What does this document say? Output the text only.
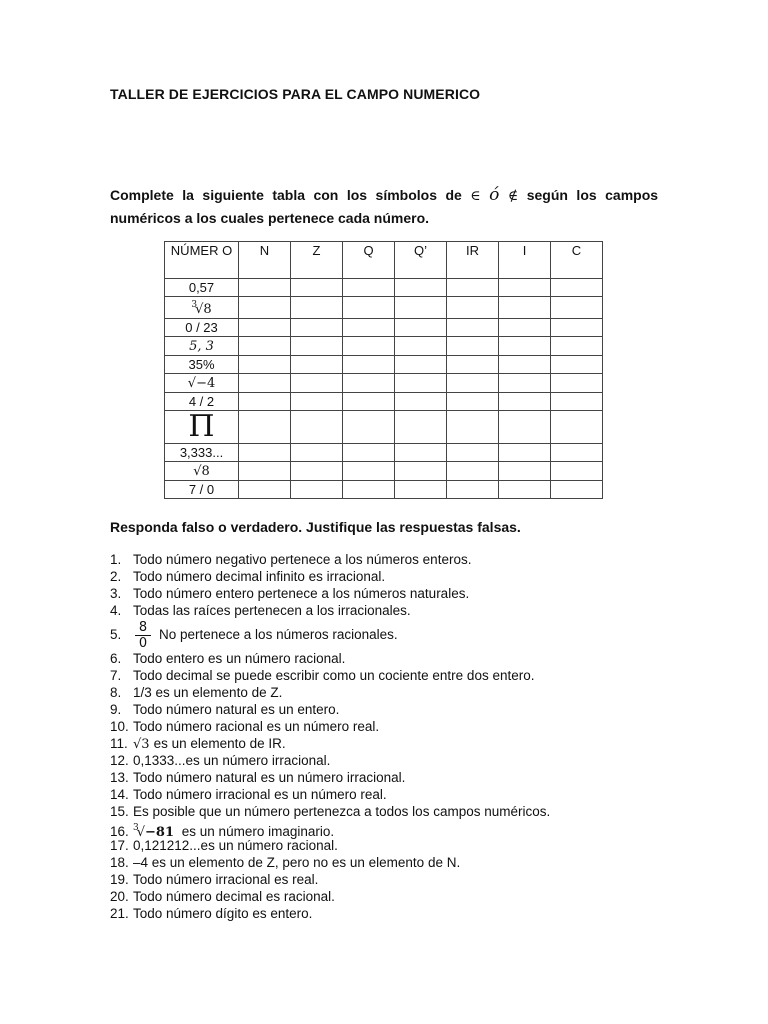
TALLER DE EJERCICIOS PARA EL CAMPO NUMERICO
Complete la siguiente tabla con los símbolos de ∈ ó ∉ según los campos numéricos a los cuales pertenece cada número.
NÚMER O	N	Z	Q	Q’	IR	I	C
0,57							
$^3$√8							
0 / 23							
5, 3							
35%							
√−4							
4 / 2							
Π							
3,333...							
√8							
7 / 0							
Responda falso o verdadero. Justifique las respuestas falsas.
1. Todo número negativo pertenece a los números enteros.
2. Todo número decimal infinito es irracional.
3. Todo número entero pertenece a los números naturales.
4. Todas las raíces pertenecen a los irracionales.
5. $\frac{8}{0}$ No pertenece a los números racionales.
6. Todo entero es un número racional.
7. Todo decimal se puede escribir como un cociente entre dos entero.
8. 1/3 es un elemento de Z.
9. Todo número natural es un entero.
10. Todo número racional es un número real.
11. √3 es un elemento de IR.
12. 0,1333...es un número irracional.
13. Todo número natural es un número irracional.
14. Todo número irracional es un número real.
15. Es posible que un número pertenezca a todos los campos numéricos.
16. $^3$√−81 es un número imaginario.
17. 0,121212...es un número racional.
18. –4 es un elemento de Z, pero no es un elemento de N.
19. Todo número irracional es real.
20. Todo número decimal es racional.
21. Todo número dígito es entero.
